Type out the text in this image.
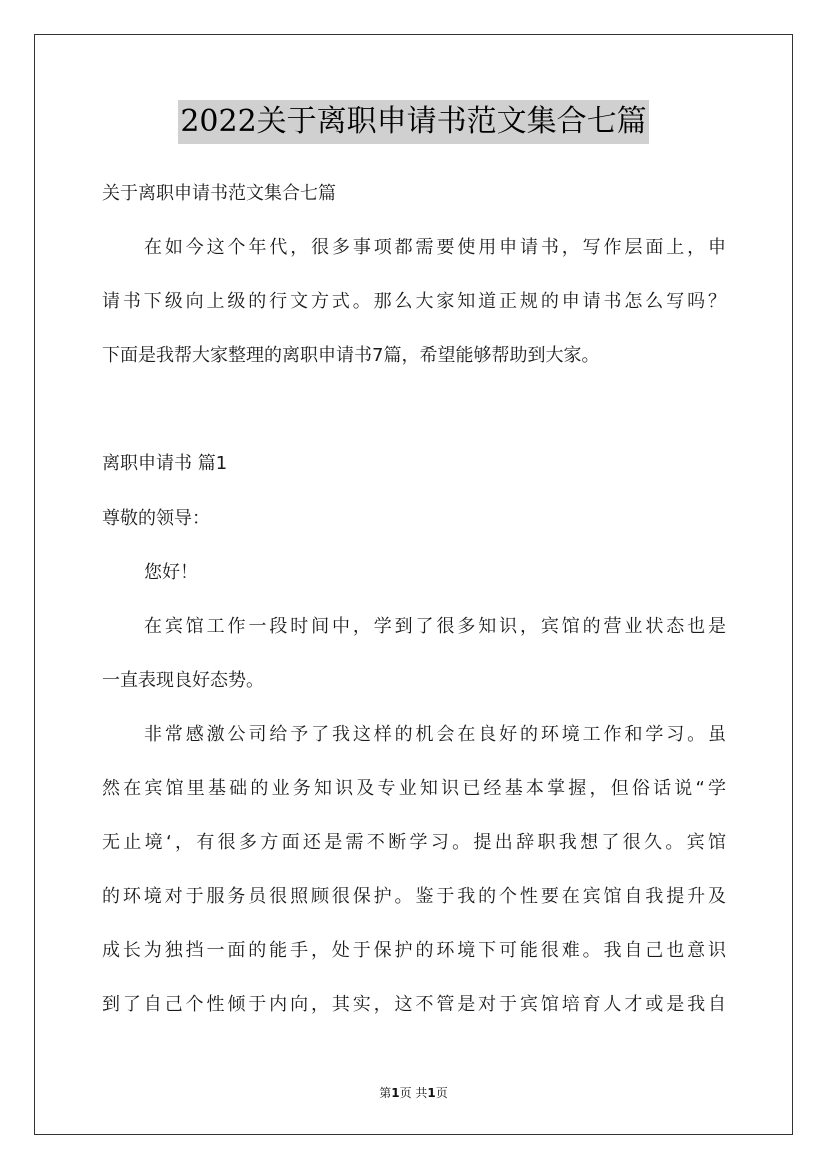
2022关于离职申请书范文集合七篇
关于离职申请书范文集合七篇
在如今这个年代，很多事项都需要使用申请书，写作层面上，申
请书下级向上级的行文方式。那么大家知道正规的申请书怎么写吗？
下面是我帮大家整理的离职申请书7篇，希望能够帮助到大家。
离职申请书 篇1
尊敬的领导：
您好！
在宾馆工作一段时间中，学到了很多知识，宾馆的营业状态也是
一直表现良好态势。
非常感激公司给予了我这样的机会在良好的环境工作和学习。虽
然在宾馆里基础的业务知识及专业知识已经基本掌握，但俗话说“学
无止境‘，有很多方面还是需不断学习。提出辞职我想了很久。宾馆
的环境对于服务员很照顾很保护。鉴于我的个性要在宾馆自我提升及
成长为独挡一面的能手，处于保护的环境下可能很难。我自己也意识
到了自己个性倾于内向，其实，这不管是对于宾馆培育人才或是我自
第1页 共1页
